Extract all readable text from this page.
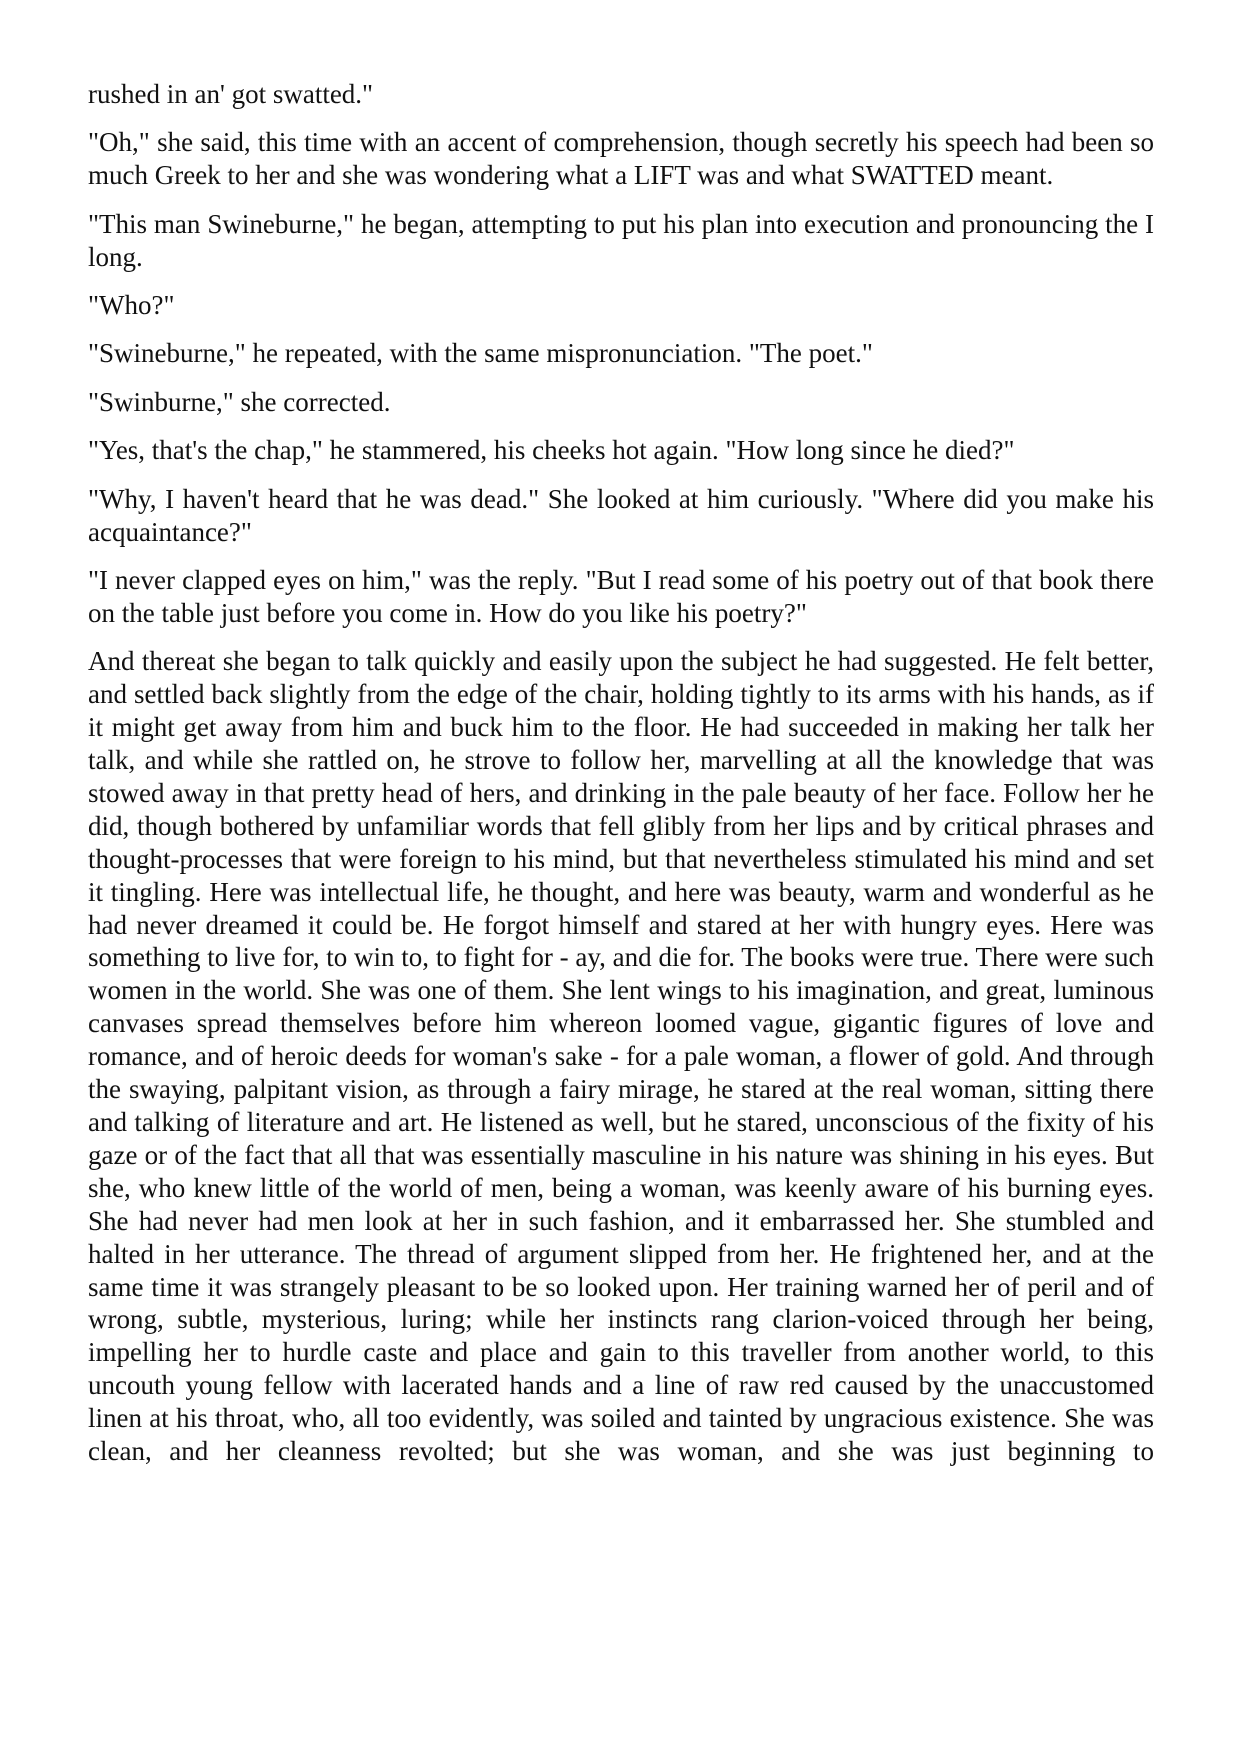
rushed in an' got swatted."

"Oh," she said, this time with an accent of comprehension, though secretly his speech had been so much Greek to her and she was wondering what a LIFT was and what SWATTED meant.

"This man Swineburne," he began, attempting to put his plan into execution and pronouncing the I long.

"Who?"

"Swineburne," he repeated, with the same mispronunciation. "The poet."

"Swinburne," she corrected.

"Yes, that's the chap," he stammered, his cheeks hot again. "How long since he died?"

"Why, I haven't heard that he was dead." She looked at him curiously. "Where did you make his acquaintance?"

"I never clapped eyes on him," was the reply. "But I read some of his poetry out of that book there on the table just before you come in. How do you like his poetry?"

And thereat she began to talk quickly and easily upon the subject he had suggested. He felt better, and settled back slightly from the edge of the chair, holding tightly to its arms with his hands, as if it might get away from him and buck him to the floor. He had succeeded in making her talk her talk, and while she rattled on, he strove to follow her, marvelling at all the knowledge that was stowed away in that pretty head of hers, and drinking in the pale beauty of her face. Follow her he did, though bothered by unfamiliar words that fell glibly from her lips and by critical phrases and thought-processes that were foreign to his mind, but that nevertheless stimulated his mind and set it tingling. Here was intellectual life, he thought, and here was beauty, warm and wonderful as he had never dreamed it could be. He forgot himself and stared at her with hungry eyes. Here was something to live for, to win to, to fight for - ay, and die for. The books were true. There were such women in the world. She was one of them. She lent wings to his imagination, and great, luminous canvases spread themselves before him whereon loomed vague, gigantic figures of love and romance, and of heroic deeds for woman's sake - for a pale woman, a flower of gold. And through the swaying, palpitant vision, as through a fairy mirage, he stared at the real woman, sitting there and talking of literature and art. He listened as well, but he stared, unconscious of the fixity of his gaze or of the fact that all that was essentially masculine in his nature was shining in his eyes. But she, who knew little of the world of men, being a woman, was keenly aware of his burning eyes. She had never had men look at her in such fashion, and it embarrassed her. She stumbled and halted in her utterance. The thread of argument slipped from her. He frightened her, and at the same time it was strangely pleasant to be so looked upon. Her training warned her of peril and of wrong, subtle, mysterious, luring; while her instincts rang clarion-voiced through her being, impelling her to hurdle caste and place and gain to this traveller from another world, to this uncouth young fellow with lacerated hands and a line of raw red caused by the unaccustomed linen at his throat, who, all too evidently, was soiled and tainted by ungracious existence. She was clean, and her cleanness revolted; but she was woman, and she was just beginning to
